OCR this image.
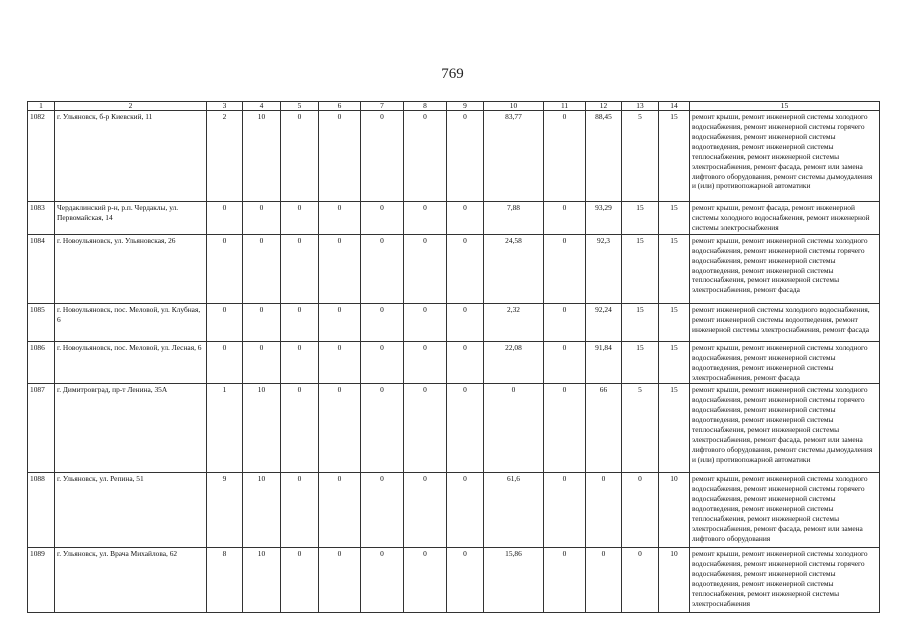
769
1	2	3	4	5	6	7	8	9	10	11	12	13	14	15
1082	г. Ульяновск, б-р Киевский, 11	2	10	0	0	0	0	0	83,77	0	88,45	5	15	ремонт крыши, ремонт инженерной системы холодного водоснабжения, ремонт инженерной системы горячего водоснабжения, ремонт инженерной системы водоотведения, ремонт инженерной системы теплоснабжения, ремонт инженерной системы электроснабжения, ремонт фасада, ремонт или замена лифтового оборудования, ремонт системы дымоудаления и (или) противопожарной автоматики
1083	Чердаклинский р-н, р.п. Чердаклы, ул. Первомайская, 14	0	0	0	0	0	0	0	7,88	0	93,29	15	15	ремонт крыши, ремонт фасада, ремонт инженерной системы холодного водоснабжения, ремонт инженерной системы электроснабжения
1084	г. Новоульяновск, ул. Ульяновская, 26	0	0	0	0	0	0	0	24,58	0	92,3	15	15	ремонт крыши, ремонт инженерной системы холодного водоснабжения, ремонт инженерной системы горячего водоснабжения, ремонт инженерной системы водоотведения, ремонт инженерной системы теплоснабжения, ремонт инженерной системы электроснабжения, ремонт фасада
1085	г. Новоульяновск, пос. Меловой, ул. Клубная, 6	0	0	0	0	0	0	0	2,32	0	92,24	15	15	ремонт инженерной системы холодного водоснабжения, ремонт инженерной системы водоотведения, ремонт инженерной системы электроснабжения, ремонт фасада
1086	г. Новоульяновск, пос. Меловой, ул. Лесная, 6	0	0	0	0	0	0	0	22,08	0	91,84	15	15	ремонт крыши, ремонт инженерной системы холодного водоснабжения, ремонт инженерной системы водоотведения, ремонт инженерной системы электроснабжения, ремонт фасада
1087	г. Димитровград, пр-т Ленина, 35А	1	10	0	0	0	0	0	0	0	66	5	15	ремонт крыши, ремонт инженерной системы холодного водоснабжения, ремонт инженерной системы горячего водоснабжения, ремонт инженерной системы водоотведения, ремонт инженерной системы теплоснабжения, ремонт инженерной системы электроснабжения, ремонт фасада, ремонт или замена лифтового оборудования, ремонт системы дымоудаления и (или) противопожарной автоматики
1088	г. Ульяновск, ул. Репина, 51	9	10	0	0	0	0	0	61,6	0	0	0	10	ремонт крыши, ремонт инженерной системы холодного водоснабжения, ремонт инженерной системы горячего водоснабжения, ремонт инженерной системы водоотведения, ремонт инженерной системы теплоснабжения, ремонт инженерной системы электроснабжения, ремонт фасада, ремонт или замена лифтового оборудования
1089	г. Ульяновск, ул. Врача Михайлова, 62	8	10	0	0	0	0	0	15,86	0	0	0	10	ремонт крыши, ремонт инженерной системы холодного водоснабжения, ремонт инженерной системы горячего водоснабжения, ремонт инженерной системы водоотведения, ремонт инженерной системы теплоснабжения, ремонт инженерной системы электроснабжения
